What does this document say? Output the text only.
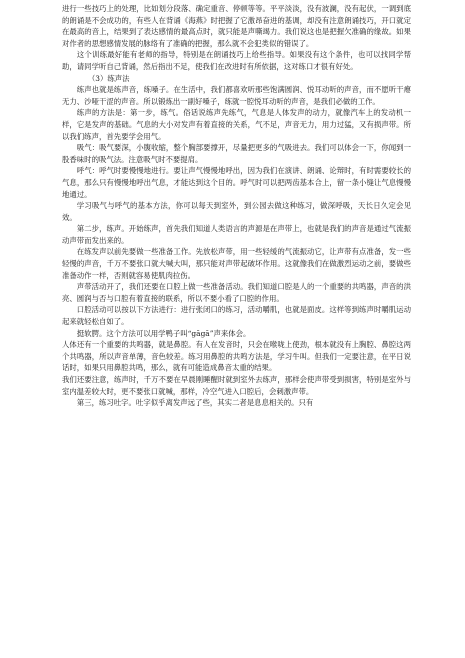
进行一些技巧上的处理，比如划分段落、确定重音、停顿等等。平平淡淡，没有波澜，没有起伏，一调到底的朗诵是不会成功的，有些人在背诵《海燕》时把握了它激昂奋进的基调，却没有注意朗诵技巧，开口就定在最高的音上，结果到了表达感情的最高点时，就只能是声嘶竭力。我们说这也是把握欠准确的缘故。如果对作者的思想感情发展的脉络有了准确的把握，那么就不会犯类似的错误了。

这个训练最好能有老师的指导，特别是在朗诵技巧上给些指导。如果没有这个条件，也可以找同学帮助，请同学听自己背诵，然后指出不足，使我们在改进时有所依据，这对练口才很有好处。

（3）练声法

练声也就是练声音，练嗓子。在生活中，我们都喜欢听那些饱满圆润、悦耳动听的声音，而不愿听干瘪无力、沙哑干涩的声音。所以锻炼出一副好嗓子，练就一腔悦耳动听的声音，是我们必做的工作。

练声的方法是：第一步，练气。俗话说练声先练气，气息是人体发声的动力，就像汽车上的发动机一样，它是发声的基础。气息的大小对发声有着直接的关系，气不足，声音无力，用力过猛，又有损声带。所以我们练声，首先要学会用气。

吸气：吸气要深，小腹收缩，整个胸部要撑开，尽量把更多的气吸进去。我们可以体会一下，你闻到一股香味时的吸气法。注意吸气时不要提肩。

呼气：呼气时要慢慢地进行。要让声气慢慢地呼出，因为我们在演讲、朗诵、论辩时，有时需要较长的气息，那么只有慢慢地呼出气息，才能达到这个目的。呼气时可以把两齿基本合上，留一条小缝让气息慢慢地通过。

学习吸气与呼气的基本方法，你可以每天到室外，到公园去做这种练习，做深呼吸，天长日久定会见效。

第二步，练声。开始练声，首先我们知道人类语言的声源是在声带上，也就是我们的声音是通过气流振动声带而发出来的。

在练发声以前先要做一些准备工作。先放松声带，用一些轻缓的气流振动它，让声带有点准备，发一些轻慢的声音，千万不要张口就大喊大叫，那只能对声带起破坏作用。这就像我们在做激烈运动之前，要做些准备动作一样，否则就容易使肌肉拉伤。

声带活动开了，我们还要在口腔上做一些准备活动。我们知道口腔是人的一个重要的共鸣器，声音的洪亮、圆润与否与口腔有着直接的联系，所以不要小看了口腔的作用。

口腔活动可以按以下方法进行：进行张闭口的练习，活动嚼肌，也就是面皮。这样等到练声时嚼肌运动起来就轻松自如了。

挺软腭。这个方法可以用学鸭子叫“gāgā”声来体会。

人体还有一个重要的共鸣器，就是鼻腔。有人在发音时，只会在喉咙上使劲，根本就没有上胸腔、鼻腔这两个共鸣器，所以声音单薄，音色较差。练习用鼻腔的共鸣方法是，学习牛叫。但我们一定要注意，在平日说话时，如果只用鼻腔共鸣，那么，就有可能造成鼻音太重的结果。

我们还要注意，练声时，千万不要在早晨刚睡醒时就到室外去练声，那样会使声带受到损害，特别是室外与室内温差较大时，更不要张口就喊，那样，冷空气进入口腔后，会刺激声带。

第三，练习吐字。吐字似乎离发声远了些，其实二者是息息相关的。只有
